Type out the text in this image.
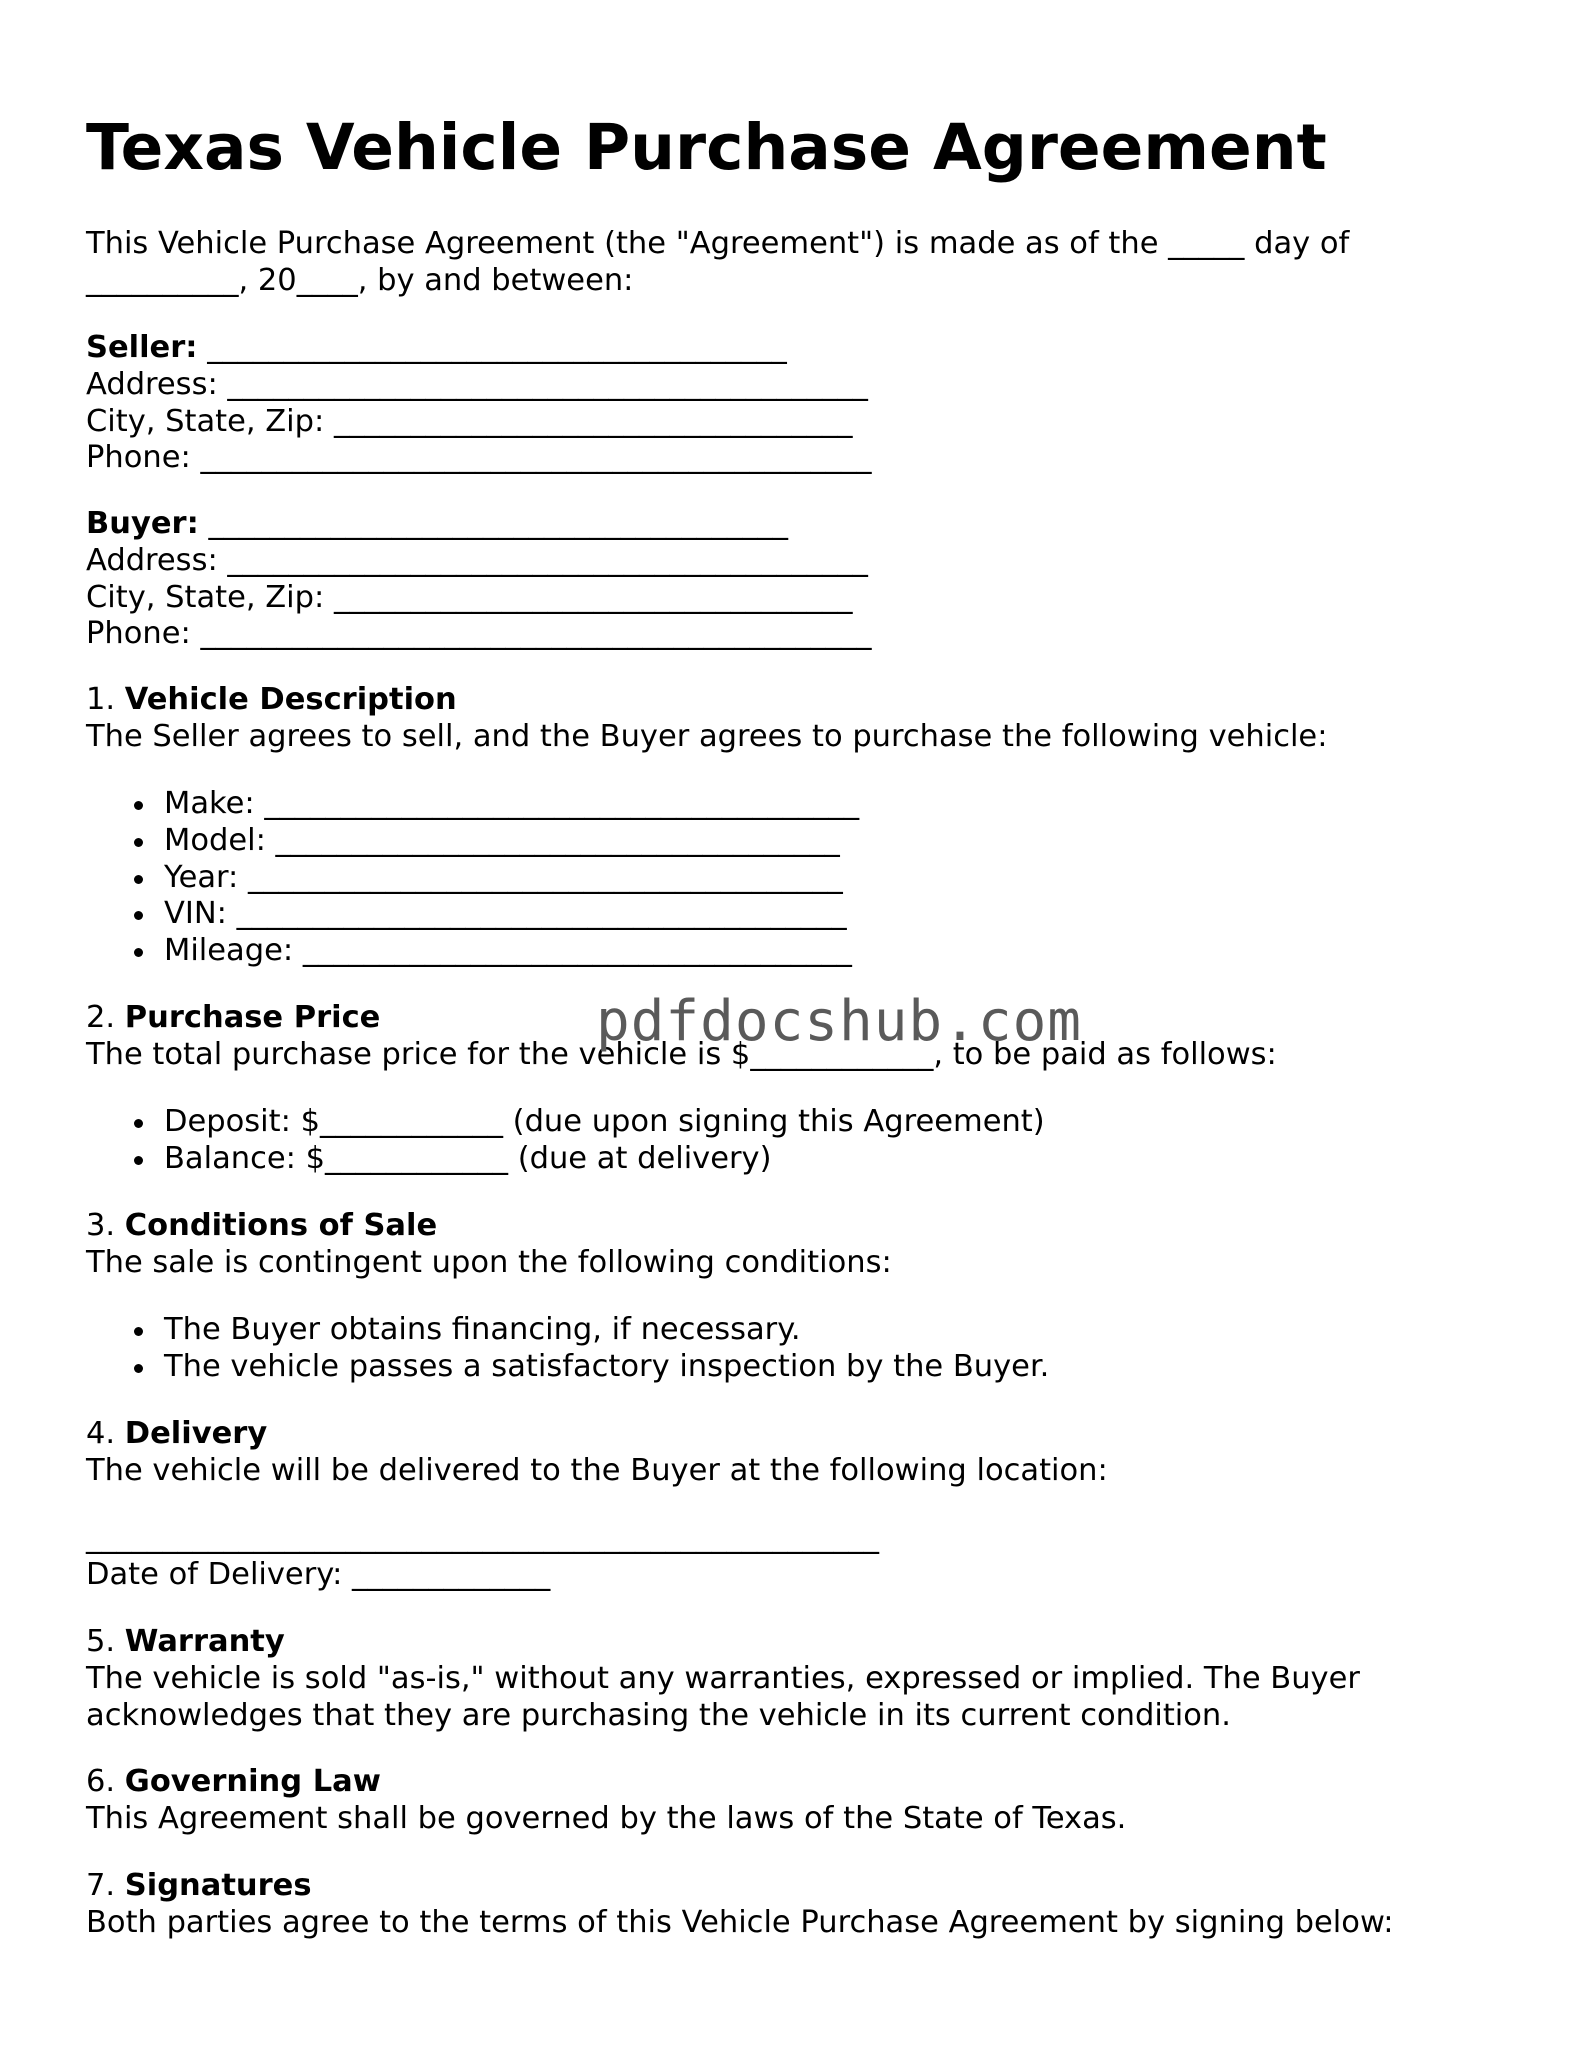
Texas Vehicle Purchase Agreement

This Vehicle Purchase Agreement (the "Agreement") is made as of the _____ day of

__________, 20____, by and between:

Seller: ______________________________________

Address: __________________________________________

City, State, Zip: __________________________________

Phone: ____________________________________________

Buyer: ______________________________________

Address: __________________________________________

City, State, Zip: __________________________________

Phone: ____________________________________________

1. Vehicle Description

The Seller agrees to sell, and the Buyer agrees to purchase the following vehicle:

Make: _______________________________________
Model: _____________________________________
Year: _______________________________________
VIN: ________________________________________
Mileage: ____________________________________

2. Purchase Price

The total purchase price for the vehicle is $____________, to be paid as follows:

Deposit: $____________ (due upon signing this Agreement)
Balance: $____________ (due at delivery)

3. Conditions of Sale

The sale is contingent upon the following conditions:

The Buyer obtains financing, if necessary.
The vehicle passes a satisfactory inspection by the Buyer.

4. Delivery

The vehicle will be delivered to the Buyer at the following location:

____________________________________________________

Date of Delivery: _____________

5. Warranty

The vehicle is sold "as-is," without any warranties, expressed or implied. The Buyer

acknowledges that they are purchasing the vehicle in its current condition.

6. Governing Law

This Agreement shall be governed by the laws of the State of Texas.

7. Signatures

Both parties agree to the terms of this Vehicle Purchase Agreement by signing below:

pdfdocshub.com
